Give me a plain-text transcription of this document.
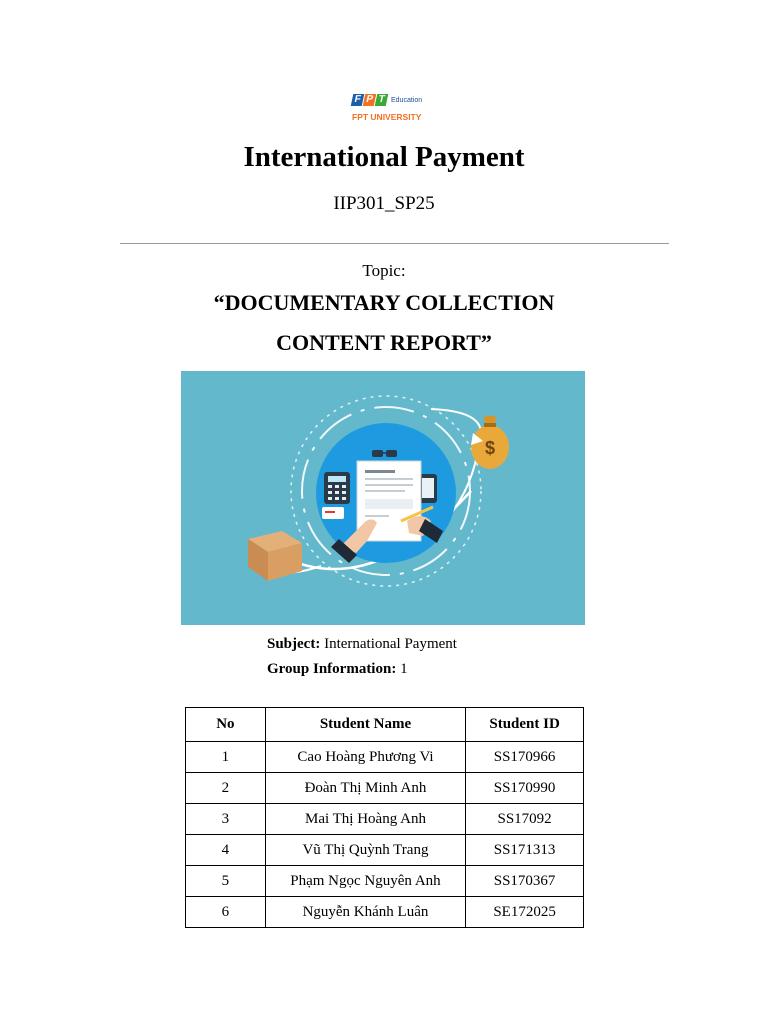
F P T Education
FPT UNIVERSITY
International Payment
IIP301_SP25
Topic:
“DOCUMENTARY COLLECTION
CONTENT REPORT”
$
Subject: International Payment
Group Information: 1
No	Student Name	Student ID
1	Cao Hoàng Phương Vi	SS170966
2	Đoàn Thị Minh Anh	SS170990
3	Mai Thị Hoàng Anh	SS17092
4	Vũ Thị Quỳnh Trang	SS171313
5	Phạm Ngọc Nguyên Anh	SS170367
6	Nguyễn Khánh Luân	SE172025
